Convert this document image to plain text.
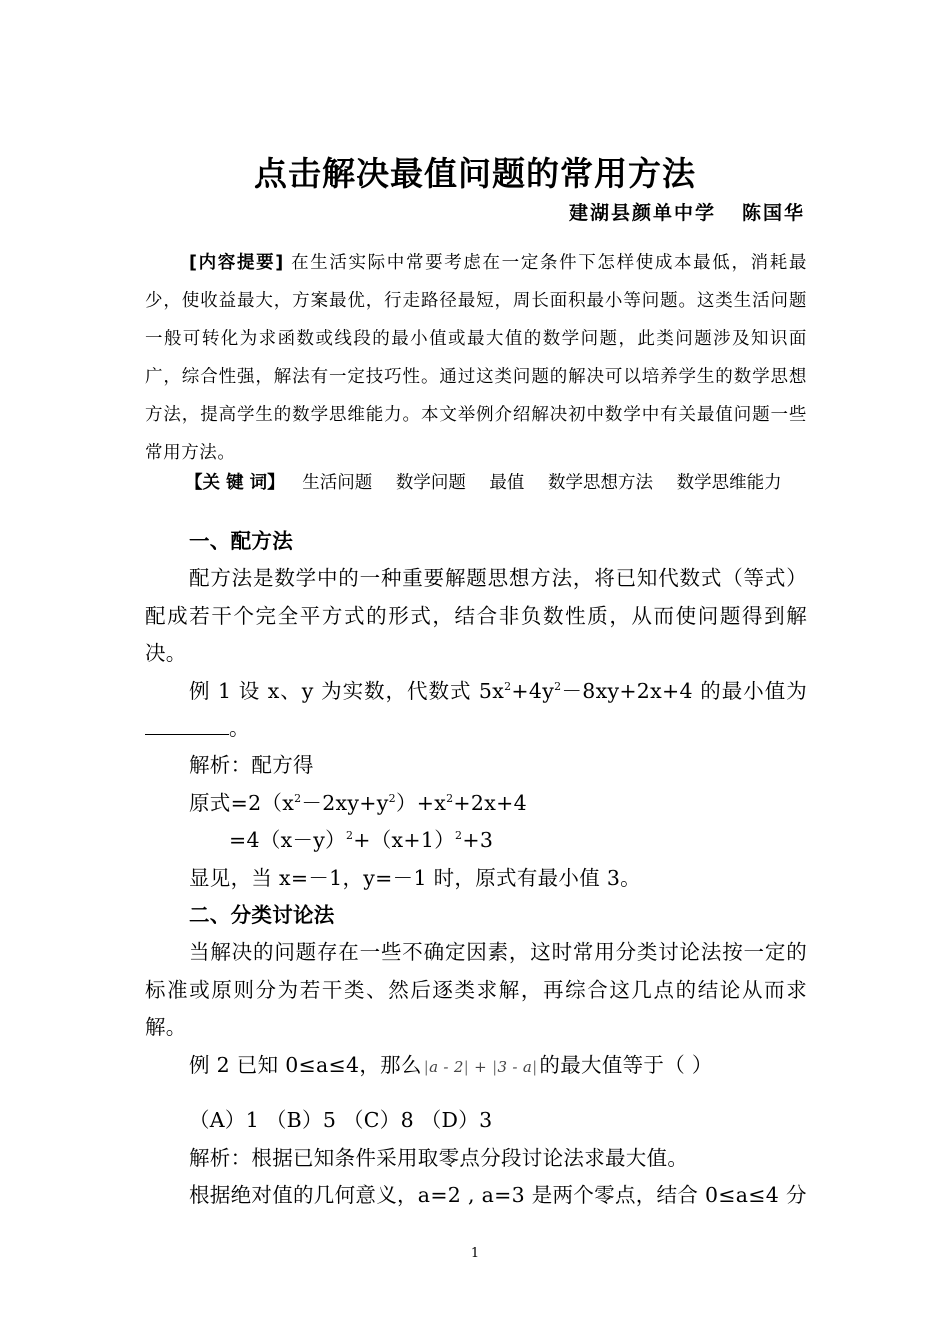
点击解决最值问题的常用方法
建湖县颜单中学 陈国华
[内容提要] 在生活实际中常要考虑在一定条件下怎样使成本最低，消耗最少，使收益最大，方案最优，行走路径最短，周长面积最小等问题。这类生活问题一般可转化为求函数或线段的最小值或最大值的数学问题，此类问题涉及知识面广，综合性强，解法有一定技巧性。通过这类问题的解决可以培养学生的数学思想方法，提高学生的数学思维能力。本文举例介绍解决初中数学中有关最值问题一些常用方法。
【关 键 词】 生活问题 数学问题 最值 数学思想方法 数学思维能力

一、配方法

配方法是数学中的一种重要解题思想方法，将已知代数式（等式）配成若干个完全平方式的形式，结合非负数性质，从而使问题得到解决。

例 1 设 x、y 为实数，代数式 $5x^2+4y^2-8xy+2x+4$ 的最小值为。

解析：配方得

原式$=2(x^2-2xy+y^2)+x^2+2x+4$

$=4(x-y)^2+(x+1)^2+3$

显见，当 x=－1，y=－1 时，原式有最小值 3。

二、分类讨论法

当解决的问题存在一些不确定因素，这时常用分类讨论法按一定的标准或原则分为若干类、然后逐类求解，再综合这几点的结论从而求解。

例 2 已知 0≤a≤4，那么 |a - 2| + |3 - a|的最大值等于（ ）

（A）1 （B）5 （C）8 （D）3

解析：根据已知条件采用取零点分段讨论法求最大值。

根据绝对值的几何意义，a=2 , a=3 是两个零点，结合 0≤a≤4 分

1
